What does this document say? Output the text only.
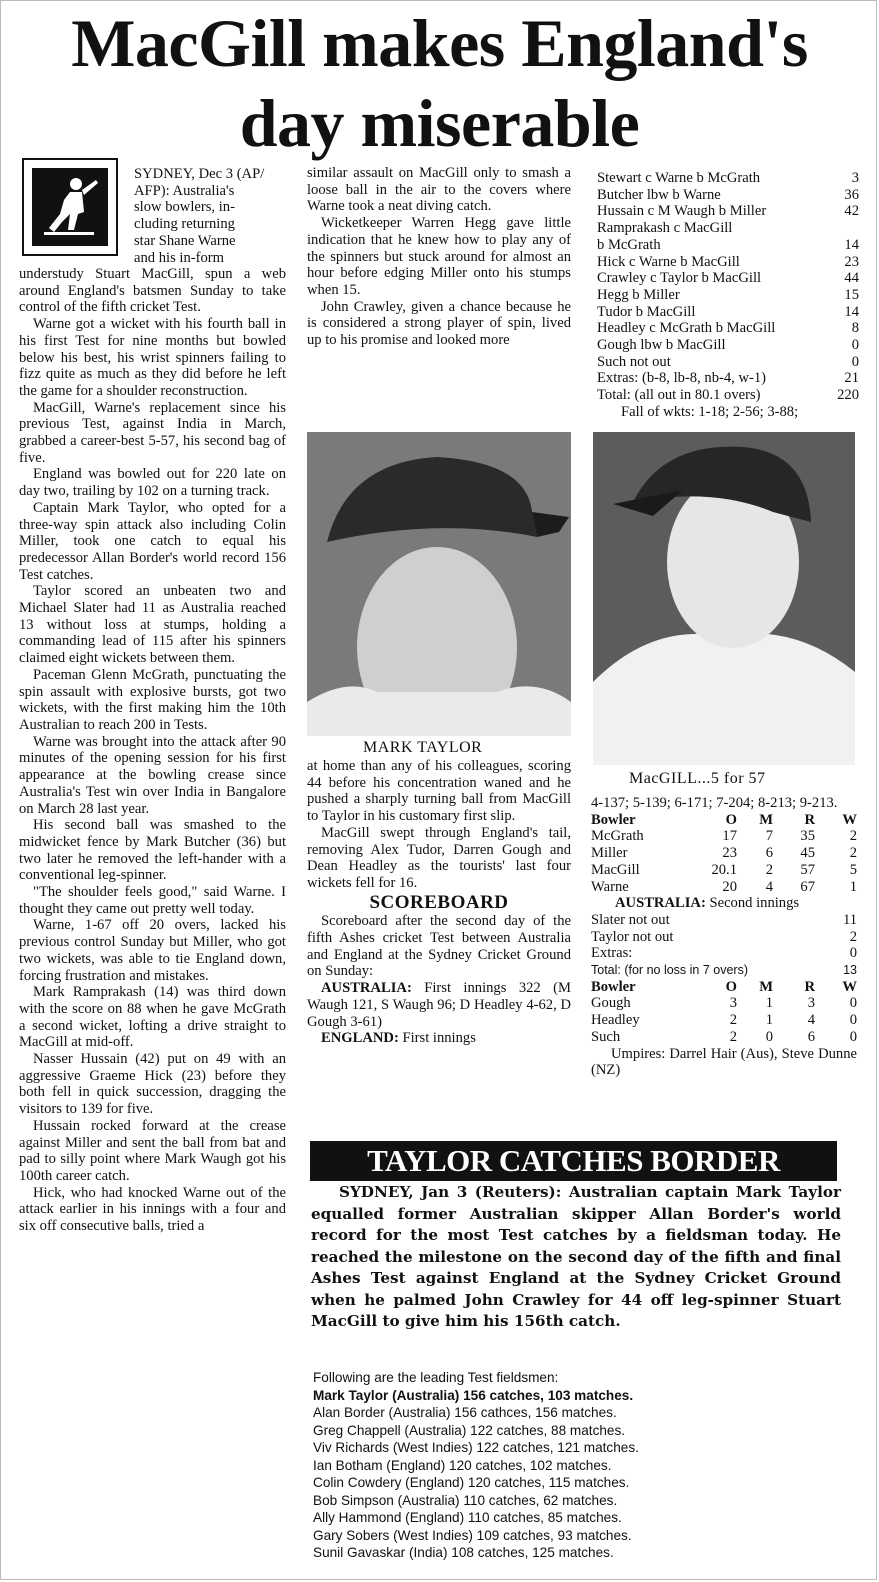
MacGill makes England's
day miserable
SYDNEY, Dec 3 (AP/
AFP): Australia's
slow bowlers, in-
cluding returning
star Shane Warne
and his in-form

understudy Stuart MacGill, spun a web around England's batsmen Sunday to take control of the fifth cricket Test.

Warne got a wicket with his fourth ball in his first Test for nine months but bowled below his best, his wrist spinners failing to fizz quite as much as they did before he left the game for a shoulder reconstruction.

MacGill, Warne's replacement since his previous Test, against India in March, grabbed a career-best 5-57, his second bag of five.

England was bowled out for 220 late on day two, trailing by 102 on a turning track.

Captain Mark Taylor, who opted for a three-way spin attack also including Colin Miller, took one catch to equal his predecessor Allan Border's world record 156 Test catches.

Taylor scored an unbeaten two and Michael Slater had 11 as Australia reached 13 without loss at stumps, holding a commanding lead of 115 after his spinners claimed eight wickets between them.

Paceman Glenn McGrath, punctuating the spin assault with explosive bursts, got two wickets, with the first making him the 10th Australian to reach 200 in Tests.

Warne was brought into the attack after 90 minutes of the opening session for his first appearance at the bowling crease since Australia's Test win over India in Bangalore on March 28 last year.

His second ball was smashed to the midwicket fence by Mark Butcher (36) but two later he removed the left-hander with a conventional leg-spinner.

"The shoulder feels good," said Warne. I thought they came out pretty well today.

Warne, 1-67 off 20 overs, lacked his previous control Sunday but Miller, who got two wickets, was able to tie England down, forcing frustration and mistakes.

Mark Ramprakash (14) was third down with the score on 88 when he gave McGrath a second wicket, lofting a drive straight to MacGill at mid-off.

Nasser Hussain (42) put on 49 with an aggressive Graeme Hick (23) before they both fell in quick succession, dragging the visitors to 139 for five.

Hussain rocked forward at the crease against Miller and sent the ball from bat and pad to silly point where Mark Waugh got his 100th career catch.

Hick, who had knocked Warne out of the attack earlier in his innings with a four and six off consecutive balls, tried a

similar assault on MacGill only to smash a loose ball in the air to the covers where Warne took a neat diving catch.

Wicketkeeper Warren Hegg gave little indication that he knew how to play any of the spinners but stuck around for almost an hour before edging Miller onto his stumps when 15.

John Crawley, given a chance because he is considered a strong player of spin, lived up to his promise and looked more

MARK TAYLOR
MacGILL...5 for 57

at home than any of his colleagues, scoring 44 before his concentration waned and he pushed a sharply turning ball from MacGill to Taylor in his customary first slip.

MacGill swept through England's tail, removing Alex Tudor, Darren Gough and Dean Headley as the tourists' last four wickets fell for 16.

SCOREBOARD

Scoreboard after the second day of the fifth Ashes cricket Test between Australia and England at the Sydney Cricket Ground on Sunday:

AUSTRALIA: First innings 322 (M Waugh 121, S Waugh 96; D Headley 4-62, D Gough 3-61)

ENGLAND: First innings

Stewart c Warne b McGrath	3
Butcher lbw b Warne	36
Hussain c M Waugh b Miller	42
Ramprakash c MacGill
b McGrath	14
Hick c Warne b MacGill	23
Crawley c Taylor b MacGill	44
Hegg b Miller	15
Tudor b MacGill	14
Headley c McGrath b MacGill	8
Gough lbw b MacGill	0
Such not out	0
Extras: (b-8, lb-8, nb-4, w-1)	21
Total: (all out in 80.1 overs)	220
Fall of wkts: 1-18; 2-56; 3-88;
4-137; 5-139; 6-171; 7-204; 8-213; 9-213.
Bowler	O	M	R	W
McGrath	17	7	35	2
Miller	23	6	45	2
MacGill	20.1	2	57	5
Warne	20	4	67	1
AUSTRALIA: Second innings
Slater not out	11
Taylor not out	2
Extras:	0
Total: (for no loss in 7 overs)	13
Bowler	O	M	R	W
Gough	3	1	3	0
Headley	2	1	4	0
Such	2	0	6	0

Umpires: Darrel Hair (Aus), Steve Dunne (NZ)

TAYLOR CATCHES BORDER
SYDNEY, Jan 3 (Reuters): Australian captain Mark Taylor equalled former Australian skipper Allan Border's world record for the most Test catches by a fieldsman today. He reached the milestone on the second day of the fifth and final Ashes Test against England at the Sydney Cricket Ground when he palmed John Crawley for 44 off leg-spinner Stuart MacGill to give him his 156th catch.
Following are the leading Test fieldsmen:
Mark Taylor (Australia) 156 catches, 103 matches.
Alan Border (Australia) 156 cathces, 156 matches.
Greg Chappell (Australia) 122 catches, 88 matches.
Viv Richards (West Indies) 122 catches, 121 matches.
Ian Botham (England) 120 catches, 102 matches.
Colin Cowdery (England) 120 catches, 115 matches.
Bob Simpson (Australia) 110 catches, 62 matches.
Ally Hammond (England) 110 catches, 85 matches.
Gary Sobers (West Indies) 109 catches, 93 matches.
Sunil Gavaskar (India) 108 catches, 125 matches.
